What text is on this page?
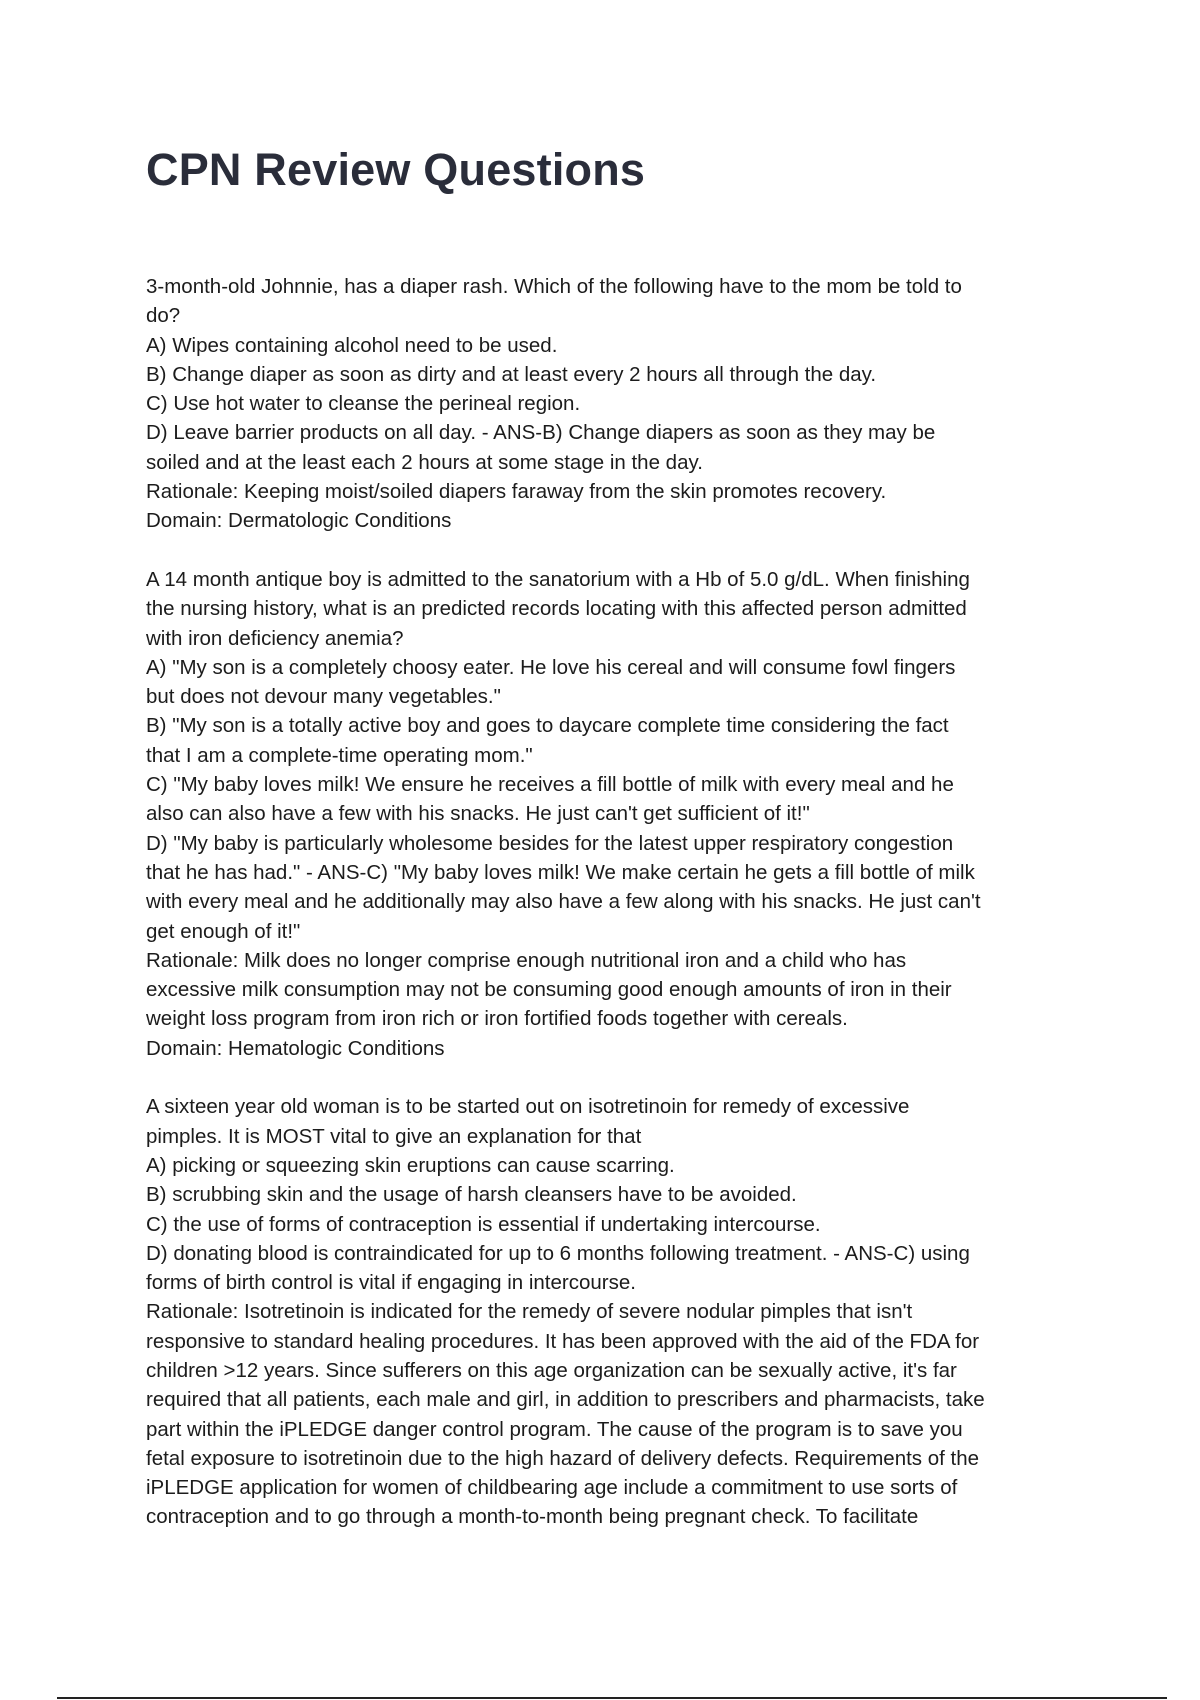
CPN Review Questions
3-month-old Johnnie, has a diaper rash. Which of the following have to the mom be told to
do?
A) Wipes containing alcohol need to be used.
B) Change diaper as soon as dirty and at least every 2 hours all through the day.
C) Use hot water to cleanse the perineal region.
D) Leave barrier products on all day. - ANS-B) Change diapers as soon as they may be
soiled and at the least each 2 hours at some stage in the day.
Rationale: Keeping moist/soiled diapers faraway from the skin promotes recovery.
Domain: Dermatologic Conditions
A 14 month antique boy is admitted to the sanatorium with a Hb of 5.0 g/dL. When finishing
the nursing history, what is an predicted records locating with this affected person admitted
with iron deficiency anemia?
A) "My son is a completely choosy eater. He love his cereal and will consume fowl fingers
but does not devour many vegetables."
B) "My son is a totally active boy and goes to daycare complete time considering the fact
that I am a complete-time operating mom."
C) "My baby loves milk! We ensure he receives a fill bottle of milk with every meal and he
also can also have a few with his snacks. He just can't get sufficient of it!"
D) "My baby is particularly wholesome besides for the latest upper respiratory congestion
that he has had." - ANS-C) "My baby loves milk! We make certain he gets a fill bottle of milk
with every meal and he additionally may also have a few along with his snacks. He just can't
get enough of it!"
Rationale: Milk does no longer comprise enough nutritional iron and a child who has
excessive milk consumption may not be consuming good enough amounts of iron in their
weight loss program from iron rich or iron fortified foods together with cereals.
Domain: Hematologic Conditions
A sixteen year old woman is to be started out on isotretinoin for remedy of excessive
pimples. It is MOST vital to give an explanation for that
A) picking or squeezing skin eruptions can cause scarring.
B) scrubbing skin and the usage of harsh cleansers have to be avoided.
C) the use of forms of contraception is essential if undertaking intercourse.
D) donating blood is contraindicated for up to 6 months following treatment. - ANS-C) using
forms of birth control is vital if engaging in intercourse.
Rationale: Isotretinoin is indicated for the remedy of severe nodular pimples that isn't
responsive to standard healing procedures. It has been approved with the aid of the FDA for
children >12 years. Since sufferers on this age organization can be sexually active, it's far
required that all patients, each male and girl, in addition to prescribers and pharmacists, take
part within the iPLEDGE danger control program. The cause of the program is to save you
fetal exposure to isotretinoin due to the high hazard of delivery defects. Requirements of the
iPLEDGE application for women of childbearing age include a commitment to use sorts of
contraception and to go through a month-to-month being pregnant check. To facilitate
